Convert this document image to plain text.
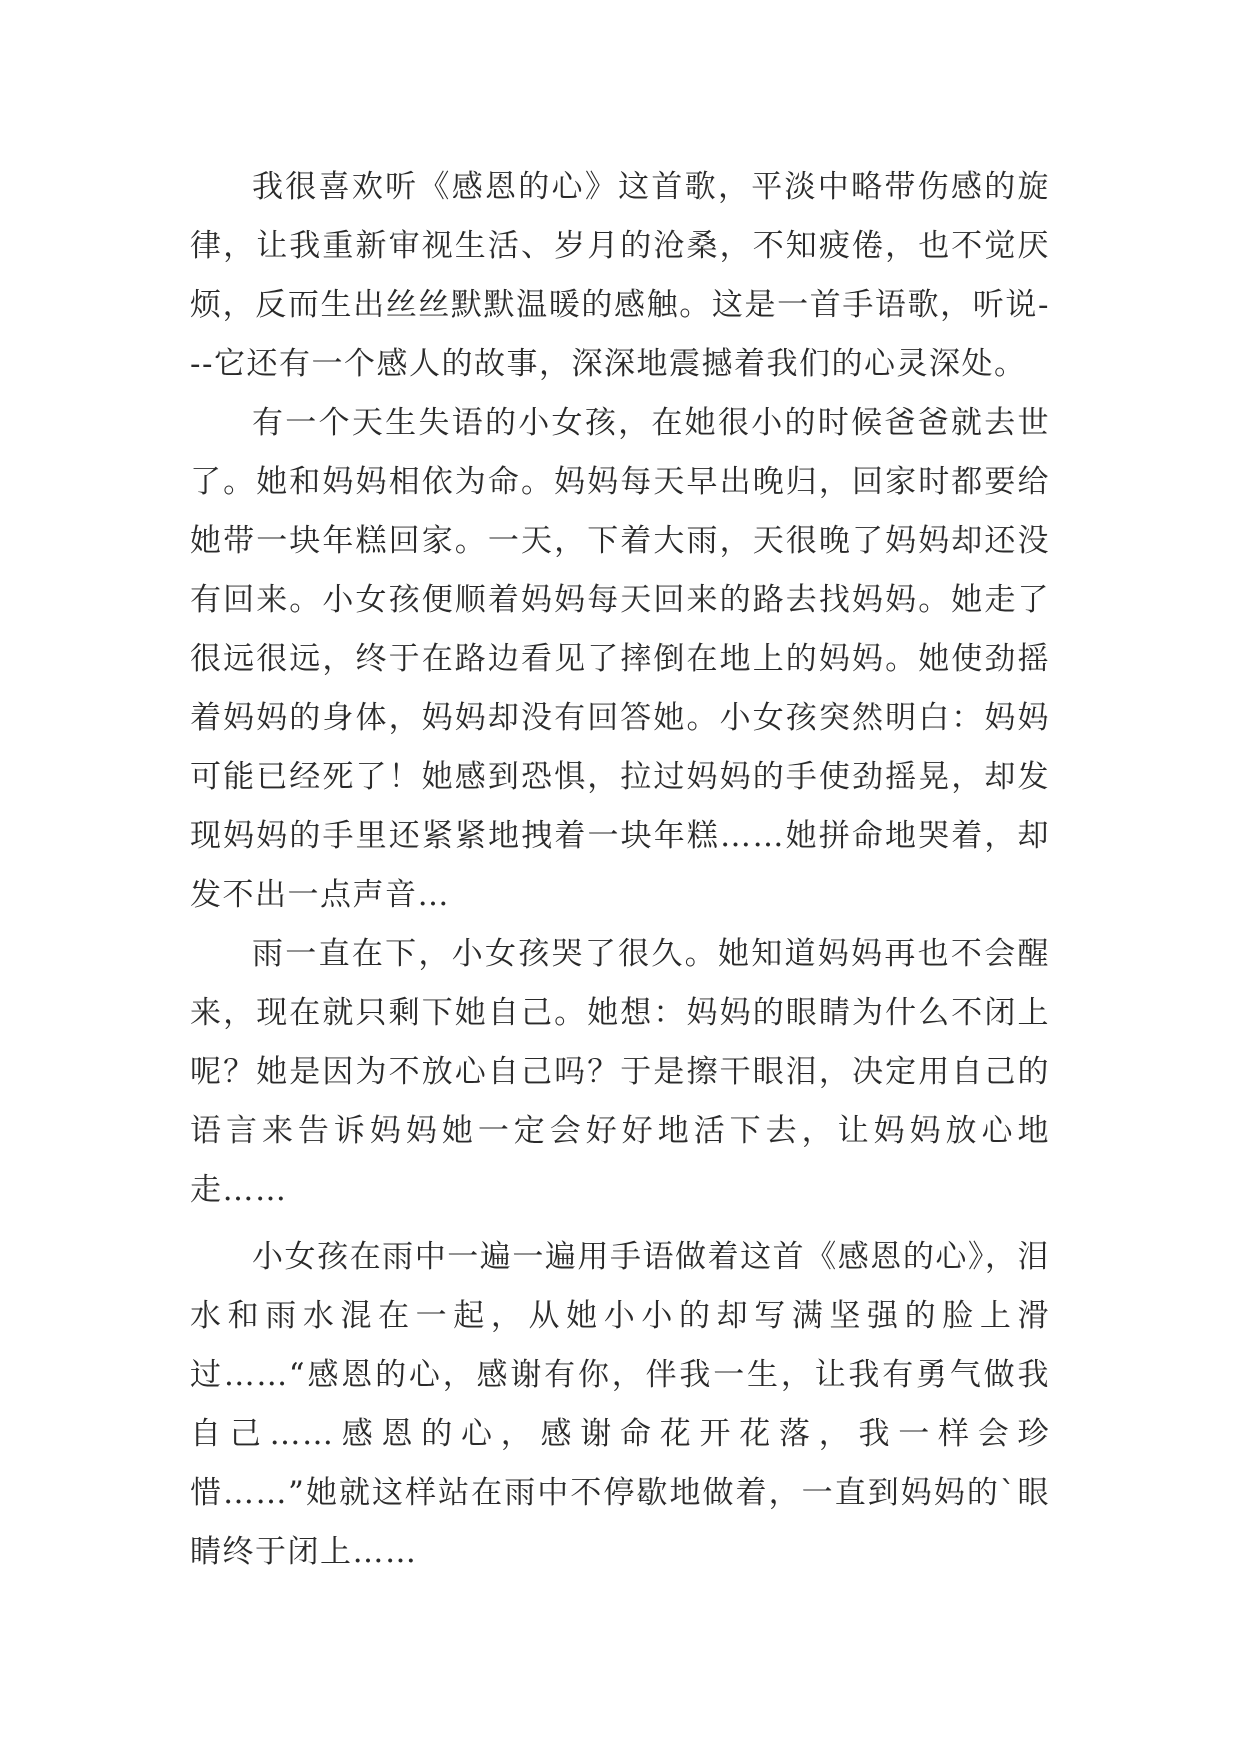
我很喜欢听《感恩的心》这首歌，平淡中略带伤感的旋律，让我重新审视生活、岁月的沧桑，不知疲倦，也不觉厌烦，反而生出丝丝默默温暖的感触。这是一首手语歌，听说---它还有一个感人的故事，深深地震撼着我们的心灵深处。

有一个天生失语的小女孩，在她很小的时候爸爸就去世了。她和妈妈相依为命。妈妈每天早出晚归，回家时都要给她带一块年糕回家。一天，下着大雨，天很晚了妈妈却还没有回来。小女孩便顺着妈妈每天回来的路去找妈妈。她走了很远很远，终于在路边看见了摔倒在地上的妈妈。她使劲摇着妈妈的身体，妈妈却没有回答她。小女孩突然明白：妈妈可能已经死了！她感到恐惧，拉过妈妈的手使劲摇晃，却发现妈妈的手里还紧紧地拽着一块年糕……她拼命地哭着，却发不出一点声音…

雨一直在下，小女孩哭了很久。她知道妈妈再也不会醒来，现在就只剩下她自己。她想：妈妈的眼睛为什么不闭上呢？她是因为不放心自己吗？于是擦干眼泪，决定用自己的语言来告诉妈妈她一定会好好地活下去，让妈妈放心地走……

小女孩在雨中一遍一遍用手语做着这首《感恩的心》，泪水和雨水混在一起，从她小小的却写满坚强的脸上滑过……“感恩的心，感谢有你，伴我一生，让我有勇气做我自己……感恩的心，感谢命花开花落，我一样会珍惜……”她就这样站在雨中不停歇地做着，一直到妈妈的`眼睛终于闭上……
